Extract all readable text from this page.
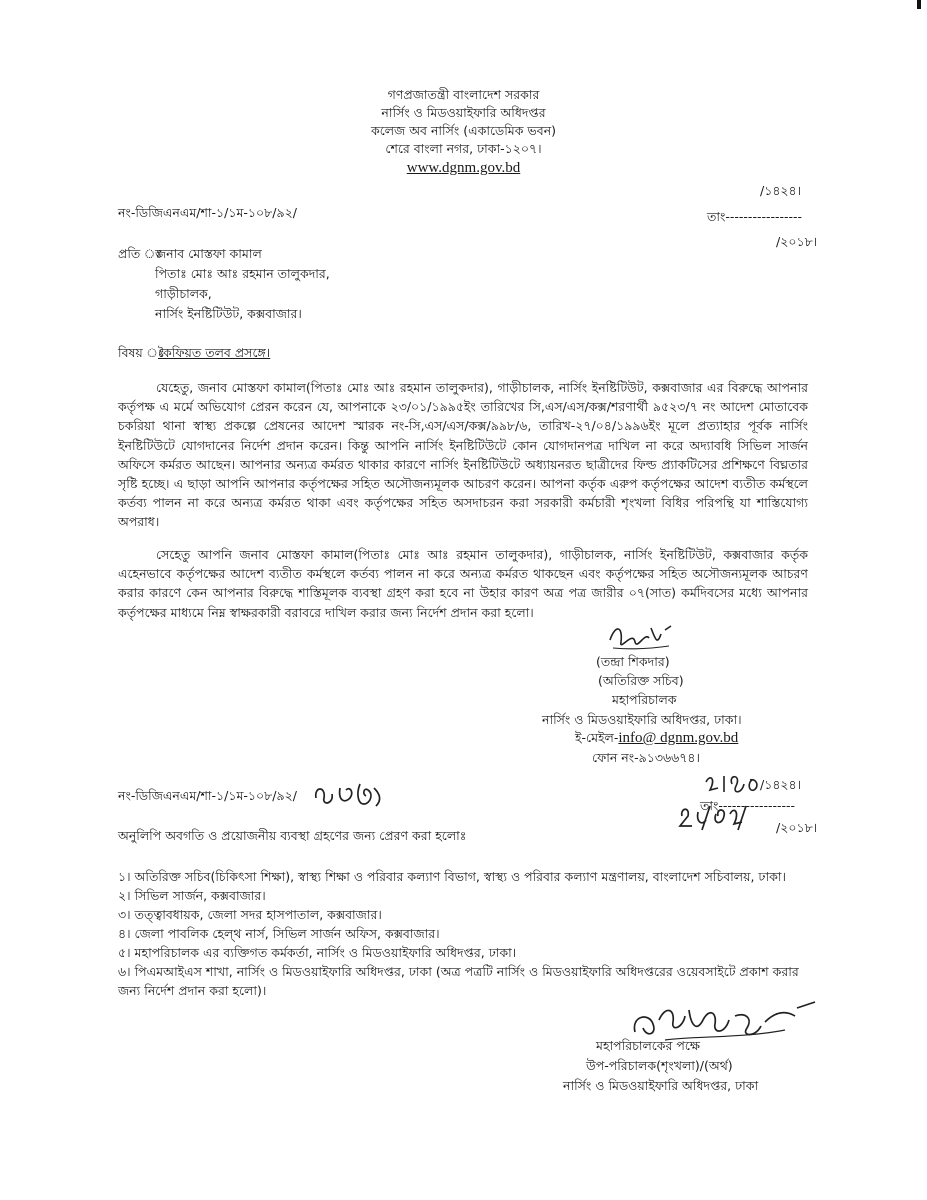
গণপ্রজাতন্ত্রী বাংলাদেশ সরকার
নার্সিং ও মিডওয়াইফারি অধিদপ্তর
কলেজ অব নার্সিং (একাডেমিক ভবন)
শেরে বাংলা নগর, ঢাকা-১২০৭।
www.dgnm.gov.bd
/১৪২৪।
নং-ডিজিএনএম/শা-১/১ম-১০৮/৯২/	তাং-----------------
/২০১৮।
প্রতি ঃ
জনাব মোস্তফা কামাল
পিতাঃ মোঃ আঃ রহমান তালুকদার,
গাড়ীচালক,
নার্সিং ইনষ্টিটিউট, কক্সবাজার।
বিষয় ঃ
কৈফিয়ত তলব প্রসঙ্গে।
যেহেতু, জনাব মোস্তফা কামাল(পিতাঃ মোঃ আঃ রহমান তালুকদার), গাড়ীচালক, নার্সিং ইনষ্টিটিউট, কক্সবাজার এর বিরুদ্ধে আপনার কর্তৃপক্ষ এ মর্মে অভিযোগ প্রেরন করেন যে, আপনাকে ২৩/০১/১৯৯৫ইং তারিখের সি,এস/এস/কক্স/শরণার্থী ৯৫২৩/৭ নং আদেশ মোতাবেক চকরিয়া থানা স্বাস্থ্য প্রকল্পে প্রেষনের আদেশ স্মারক নং-সি,এস/এস/কক্স/৯৯৮/৬, তারিখ-২৭/০৪/১৯৯৬ইং মূলে প্রত্যাহার পূর্বক নার্সিং ইনষ্টিটিউটে যোগদানের নির্দেশ প্রদান করেন। কিন্তু আপনি নার্সিং ইনষ্টিটিউটে কোন যোগদানপত্র দাখিল না করে অদ্যাবধি সিভিল সার্জন অফিসে কর্মরত আছেন। আপনার অন্যত্র কর্মরত থাকার কারণে নার্সিং ইনষ্টিটিউটে অধ্যায়নরত ছাত্রীদের ফিল্ড প্র্যাকটিসের প্রশিক্ষণে বিঘ্নতার সৃষ্টি হচ্ছে। এ ছাড়া আপনি আপনার কর্তৃপক্ষের সহিত অসৌজন্যমূলক আচরণ করেন। আপনা কর্তৃক এরুপ কর্তৃপক্ষের আদেশ ব্যতীত কর্মস্থলে কর্তব্য পালন না করে অন্যত্র কর্মরত থাকা এবং কর্তৃপক্ষের সহিত অসদাচরন করা সরকারী কর্মচারী শৃংখলা বিধির পরিপন্থি যা শাস্তিযোগ্য অপরাধ।
সেহেতু আপনি জনাব মোস্তফা কামাল(পিতাঃ মোঃ আঃ রহমান তালুকদার), গাড়ীচালক, নার্সিং ইনষ্টিটিউট, কক্সবাজার কর্তৃক এহেনভাবে কর্তৃপক্ষের আদেশ ব্যতীত কর্মস্থলে কর্তব্য পালন না করে অন্যত্র কর্মরত থাকছেন এবং কর্তৃপক্ষের সহিত অসৌজন্যমূলক আচরণ করার কারণে কেন আপনার বিরুদ্ধে শাস্তিমূলক ব্যবস্থা গ্রহণ করা হবে না উহার কারণ অত্র পত্র জারীর ০৭(সাত) কর্মদিবসের মধ্যে আপনার কর্তৃপক্ষের মাধ্যমে নিম্ন স্বাক্ষরকারী বরাবরে দাখিল করার জন্য নির্দেশ প্রদান করা হলো।
(তন্দ্রা শিকদার)
(অতিরিক্ত সচিব)
মহাপরিচালক
নার্সিং ও মিডওয়াইফারি অধিদপ্তর, ঢাকা।
ই-মেইল-info@ dgnm.gov.bd
ফোন নং-৯১৩৬৬৭৪।
নং-ডিজিএনএম/শা-১/১ম-১০৮/৯২/
/১৪২৪।
তাং-----------------
/২০১৮।
অনুলিপি অবগতি ও প্রয়োজনীয় ব্যবস্থা গ্রহণের জন্য প্রেরণ করা হলোঃ
১। অতিরিক্ত সচিব(চিকিৎসা শিক্ষা), স্বাস্থ্য শিক্ষা ও পরিবার কল্যাণ বিভাগ, স্বাস্থ্য ও পরিবার কল্যাণ মন্ত্রণালয়, বাংলাদেশ সচিবালয়, ঢাকা।
২। সিভিল সার্জন, কক্সবাজার।
৩। তত্ত্বাবধায়ক, জেলা সদর হাসপাতাল, কক্সবাজার।
৪। জেলা পাবলিক হেল্থ নার্স, সিভিল সার্জন অফিস, কক্সবাজার।
৫। মহাপরিচালক এর ব্যক্তিগত কর্মকর্তা, নার্সিং ও মিডওয়াইফারি অধিদপ্তর, ঢাকা।
৬। পিএমআইএস শাখা, নার্সিং ও মিডওয়াইফারি অধিদপ্তর, ঢাকা (অত্র পত্রটি নার্সিং ও মিডওয়াইফারি অধিদপ্তরের ওয়েবসাইটে প্রকাশ করার জন্য নির্দেশ প্রদান করা হলো)।
মহাপরিচালকের পক্ষে
উপ-পরিচালক(শৃংখলা)/(অর্থ)
নার্সিং ও মিডওয়াইফারি অধিদপ্তর, ঢাকা
